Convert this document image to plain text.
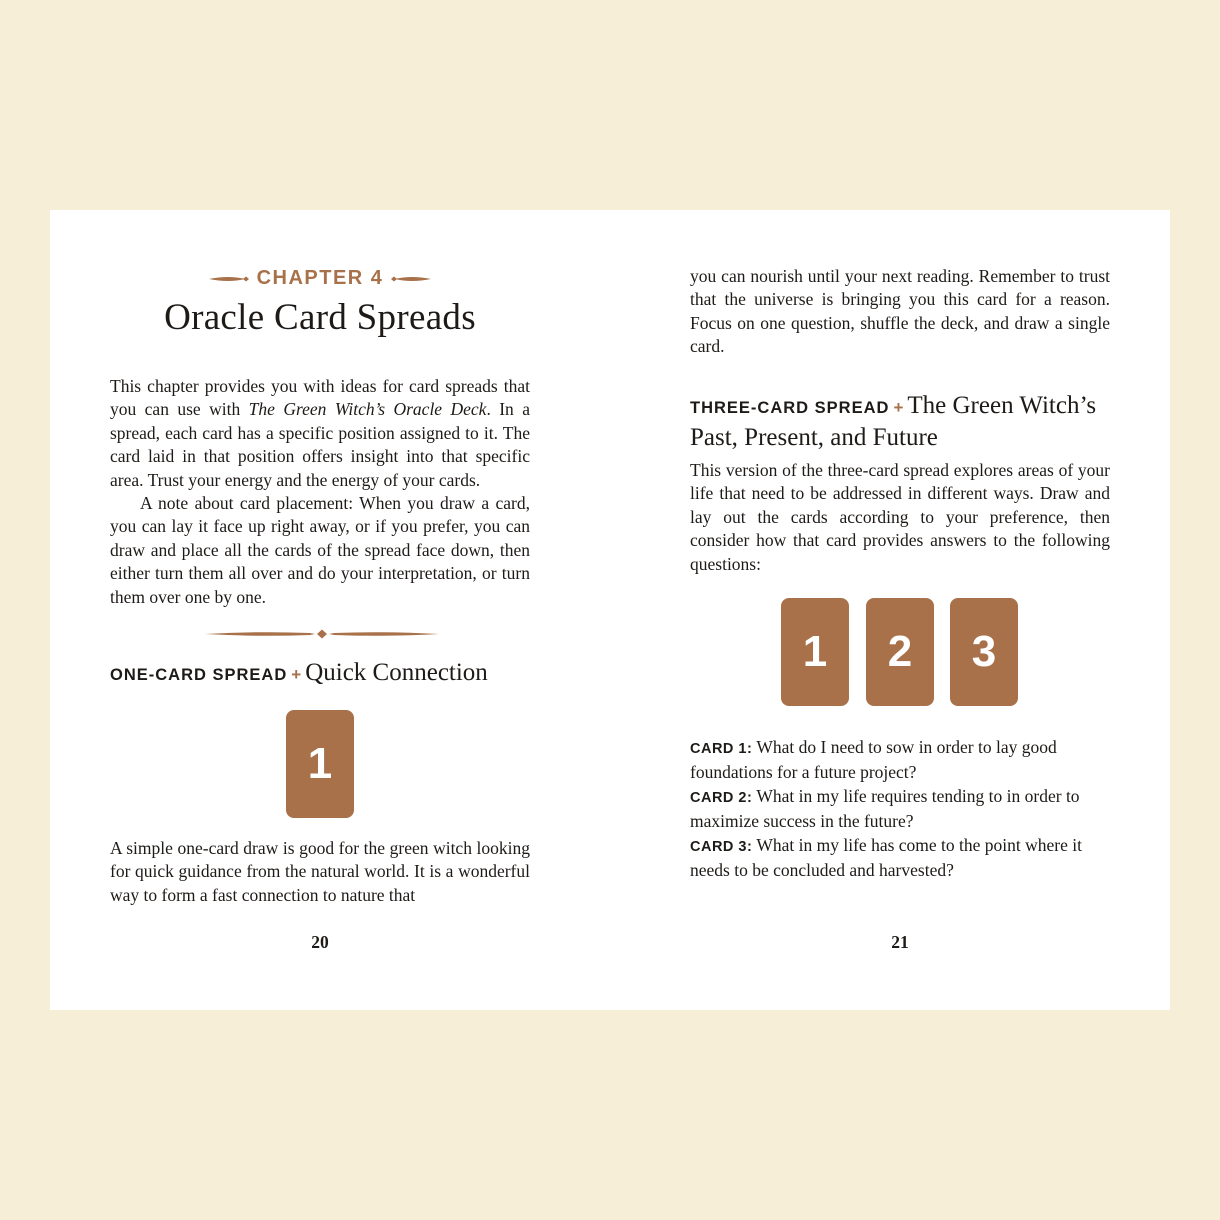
CHAPTER 4
Oracle Card Spreads

This chapter provides you with ideas for card spreads that you can use with The Green Witch’s Oracle Deck. In a spread, each card has a specific position assigned to it. The card laid in that position offers insight into that specific area. Trust your energy and the energy of your cards.

A note about card placement: When you draw a card, you can lay it face up right away, or if you prefer, you can draw and place all the cards of the spread face down, then either turn them all over and do your interpretation, or turn them over one by one.

ONE-CARD SPREAD + Quick Connection
1

A simple one-card draw is good for the green witch looking for quick guidance from the natural world. It is a wonderful way to form a fast connection to nature that

20

you can nourish until your next reading. Remember to trust that the universe is bringing you this card for a reason. Focus on one question, shuffle the deck, and draw a single card.

THREE-CARD SPREAD + The Green Witch’s Past, Present, and Future

This version of the three-card spread explores areas of your life that need to be addressed in different ways. Draw and lay out the cards according to your preference, then consider how that card provides answers to the following questions:

1	2	3
CARD 1: What do I need to sow in order to lay good foundations for a future project?
CARD 2: What in my life requires tending to in order to maximize success in the future?
CARD 3: What in my life has come to the point where it needs to be concluded and harvested?
21
